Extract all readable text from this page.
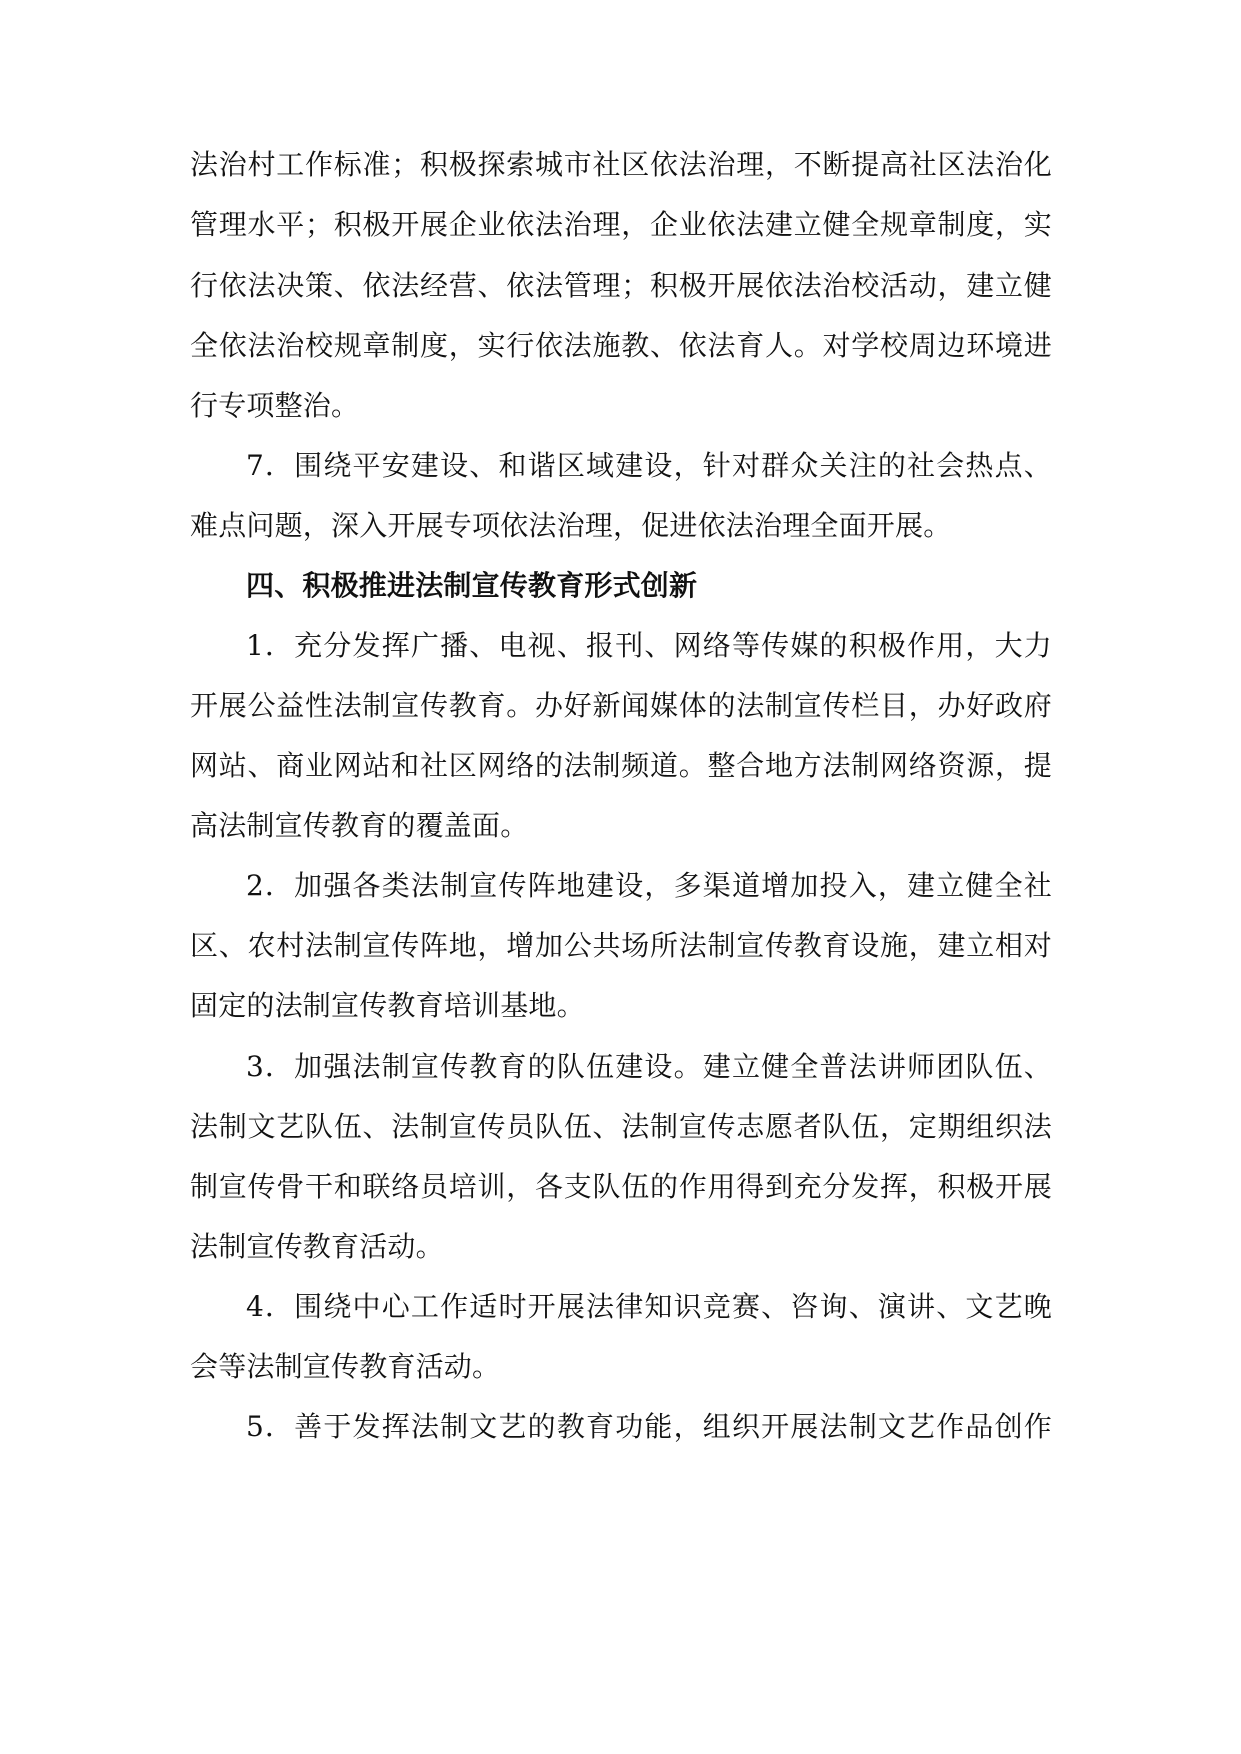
法治村工作标准；积极探索城市社区依法治理，不断提高社区法治化
管理水平；积极开展企业依法治理，企业依法建立健全规章制度，实
行依法决策、依法经营、依法管理；积极开展依法治校活动，建立健
全依法治校规章制度，实行依法施教、依法育人。对学校周边环境进
行专项整治。
7．围绕平安建设、和谐区域建设，针对群众关注的社会热点、
难点问题，深入开展专项依法治理，促进依法治理全面开展。
四、积极推进法制宣传教育形式创新
1．充分发挥广播、电视、报刊、网络等传媒的积极作用，大力
开展公益性法制宣传教育。办好新闻媒体的法制宣传栏目，办好政府
网站、商业网站和社区网络的法制频道。整合地方法制网络资源，提
高法制宣传教育的覆盖面。
2．加强各类法制宣传阵地建设，多渠道增加投入，建立健全社
区、农村法制宣传阵地，增加公共场所法制宣传教育设施，建立相对
固定的法制宣传教育培训基地。
3．加强法制宣传教育的队伍建设。建立健全普法讲师团队伍、
法制文艺队伍、法制宣传员队伍、法制宣传志愿者队伍，定期组织法
制宣传骨干和联络员培训，各支队伍的作用得到充分发挥，积极开展
法制宣传教育活动。
4．围绕中心工作适时开展法律知识竞赛、咨询、演讲、文艺晚
会等法制宣传教育活动。
5．善于发挥法制文艺的教育功能，组织开展法制文艺作品创作
